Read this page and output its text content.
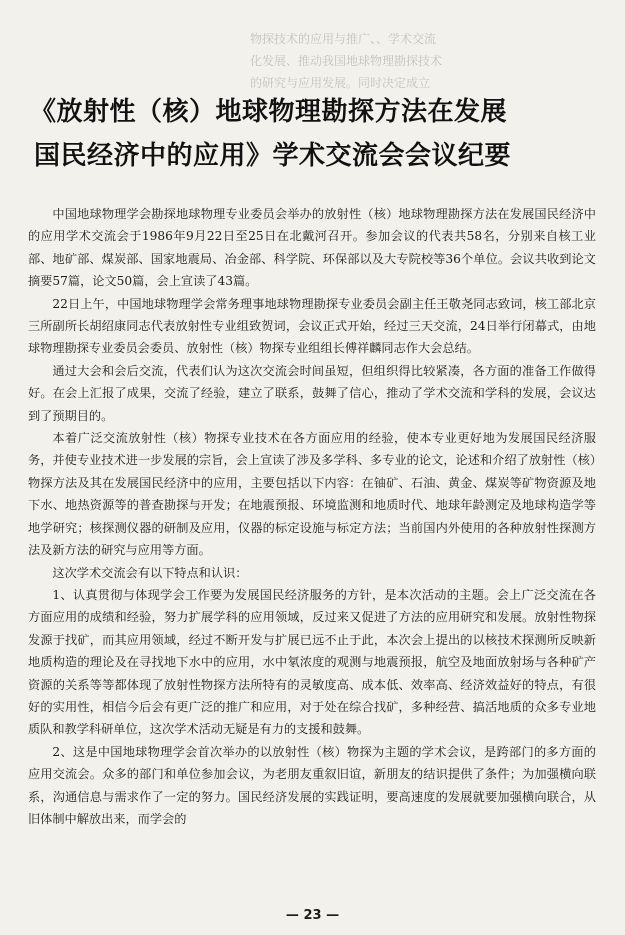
物探技术的应用与推广、、学术交流
化发展、推动我国地球物理勘探技术
的研究与应用发展。同时决定成立
《放射性（核）地球物理勘探方法在发展
国民经济中的应用》学术交流会会议纪要

中国地球物理学会勘探地球物理专业委员会举办的放射性（核）地球物理勘探方法在发展国民经济中的应用学术交流会于1986年9月22日至25日在北戴河召开。参加会议的代表共58名，分别来自核工业部、地矿部、煤炭部、国家地震局、冶金部、科学院、环保部以及大专院校等36个单位。会议共收到论文摘要57篇，论文50篇，会上宣读了43篇。

22日上午，中国地球物理学会常务理事地球物理勘探专业委员会副主任王敬尧同志致词，核工部北京三所副所长胡绍康同志代表放射性专业组致贺词，会议正式开始，经过三天交流，24日举行闭幕式，由地球物理勘探专业委员会委员、放射性（核）物探专业组组长傅祥麟同志作大会总结。

通过大会和会后交流，代表们认为这次交流会时间虽短，但组织得比较紧凑，各方面的准备工作做得好。在会上汇报了成果，交流了经验，建立了联系，鼓舞了信心，推动了学术交流和学科的发展，会议达到了预期目的。

本着广泛交流放射性（核）物探专业技术在各方面应用的经验，使本专业更好地为发展国民经济服务，并使专业技术进一步发展的宗旨，会上宣读了涉及多学科、多专业的论文，论述和介绍了放射性（核）物探方法及其在发展国民经济中的应用，主要包括以下内容：在铀矿、石油、黄金、煤炭等矿物资源及地下水、地热资源等的普查勘探与开发；在地震预报、环境监测和地质时代、地球年龄测定及地球构造学等地学研究；核探测仪器的研制及应用，仪器的标定设施与标定方法；当前国内外使用的各种放射性探测方法及新方法的研究与应用等方面。

这次学术交流会有以下特点和认识：

1、认真贯彻与体现学会工作要为发展国民经济服务的方针，是本次活动的主题。会上广泛交流在各方面应用的成绩和经验，努力扩展学科的应用领域，反过来又促进了方法的应用研究和发展。放射性物探发源于找矿，而其应用领域，经过不断开发与扩展已远不止于此，本次会上提出的以核技术探测所反映新地质构造的理论及在寻找地下水中的应用，水中氡浓度的观测与地震预报，航空及地面放射场与各种矿产资源的关系等等都体现了放射性物探方法所特有的灵敏度高、成本低、效率高、经济效益好的特点，有很好的实用性，相信今后会有更广泛的推广和应用，对于处在综合找矿，多种经营、搞活地质的众多专业地质队和教学科研单位，这次学术活动无疑是有力的支援和鼓舞。

2、这是中国地球物理学会首次举办的以放射性（核）物探为主题的学术会议，是跨部门的多方面的应用交流会。众多的部门和单位参加会议，为老朋友重叙旧谊，新朋友的结识提供了条件；为加强横向联系，沟通信息与需求作了一定的努力。国民经济发展的实践证明，要高速度的发展就要加强横向联合，从旧体制中解放出来，而学会的

— 23 —
